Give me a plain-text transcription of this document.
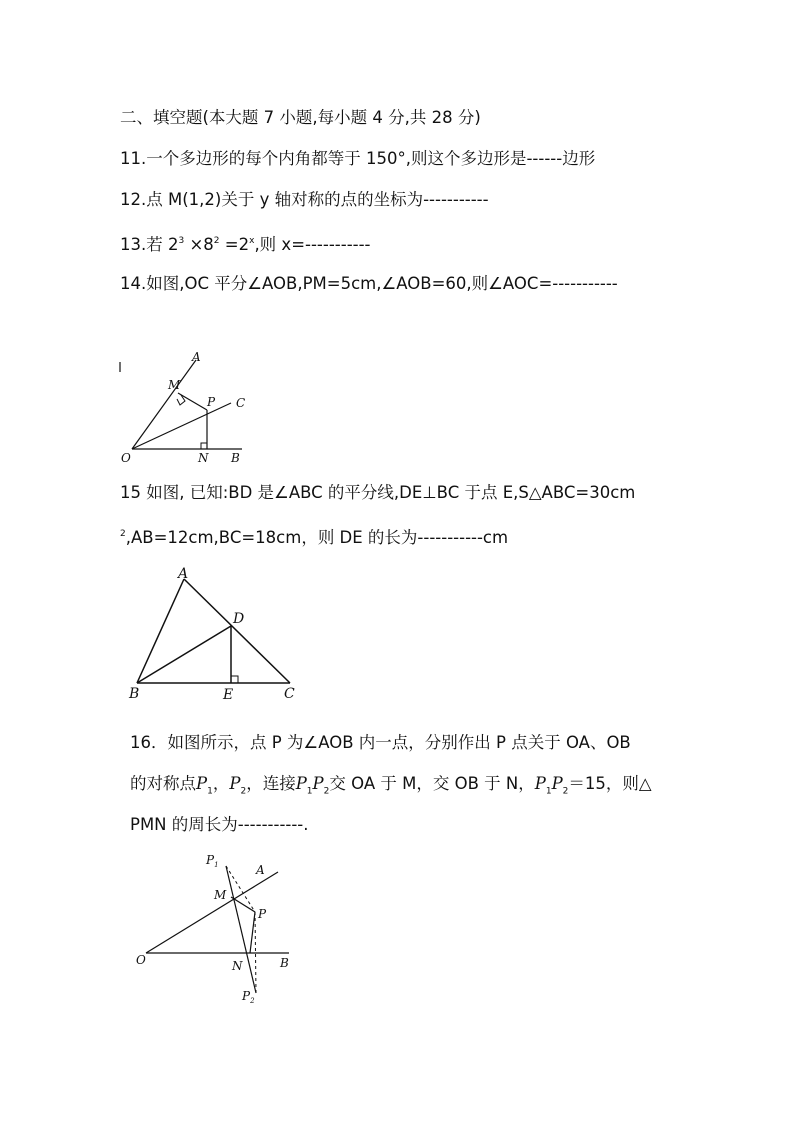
二、填空题(本大题 7 小题,每小题 4 分,共 28 分)
11.一个多边形的每个内角都等于 150°,则这个多边形是------边形
12.点 M(1,2)关于 y 轴对称的点的坐标为-----------
13.若 $2^3 \times 8^2 =2^x$,则 x=-----------
14.如图,OC 平分∠AOB,PM=5cm,∠AOB=60,则∠AOC=-----------
A
M
P C
O	N B
15 如图, 已知:BD 是∠ABC 的平分线,DE⊥BC 于点 E,S△ABC=30cm
$^2$,AB=12cm,BC=18cm，则 DE 的长为-----------cm
A
D
B	E	C
16．如图所示，点 P 为∠AOB 内一点，分别作出 P 点关于 OA、OB
的对称点$P_1$，$P_2$，连接$P_1P_2$交 OA 于 M，交 OB 于 N，$P_1P_2=15$，则△
PMN 的周长为-----------.
$P_1$	A
M
P
O	N	B
$P_2$
